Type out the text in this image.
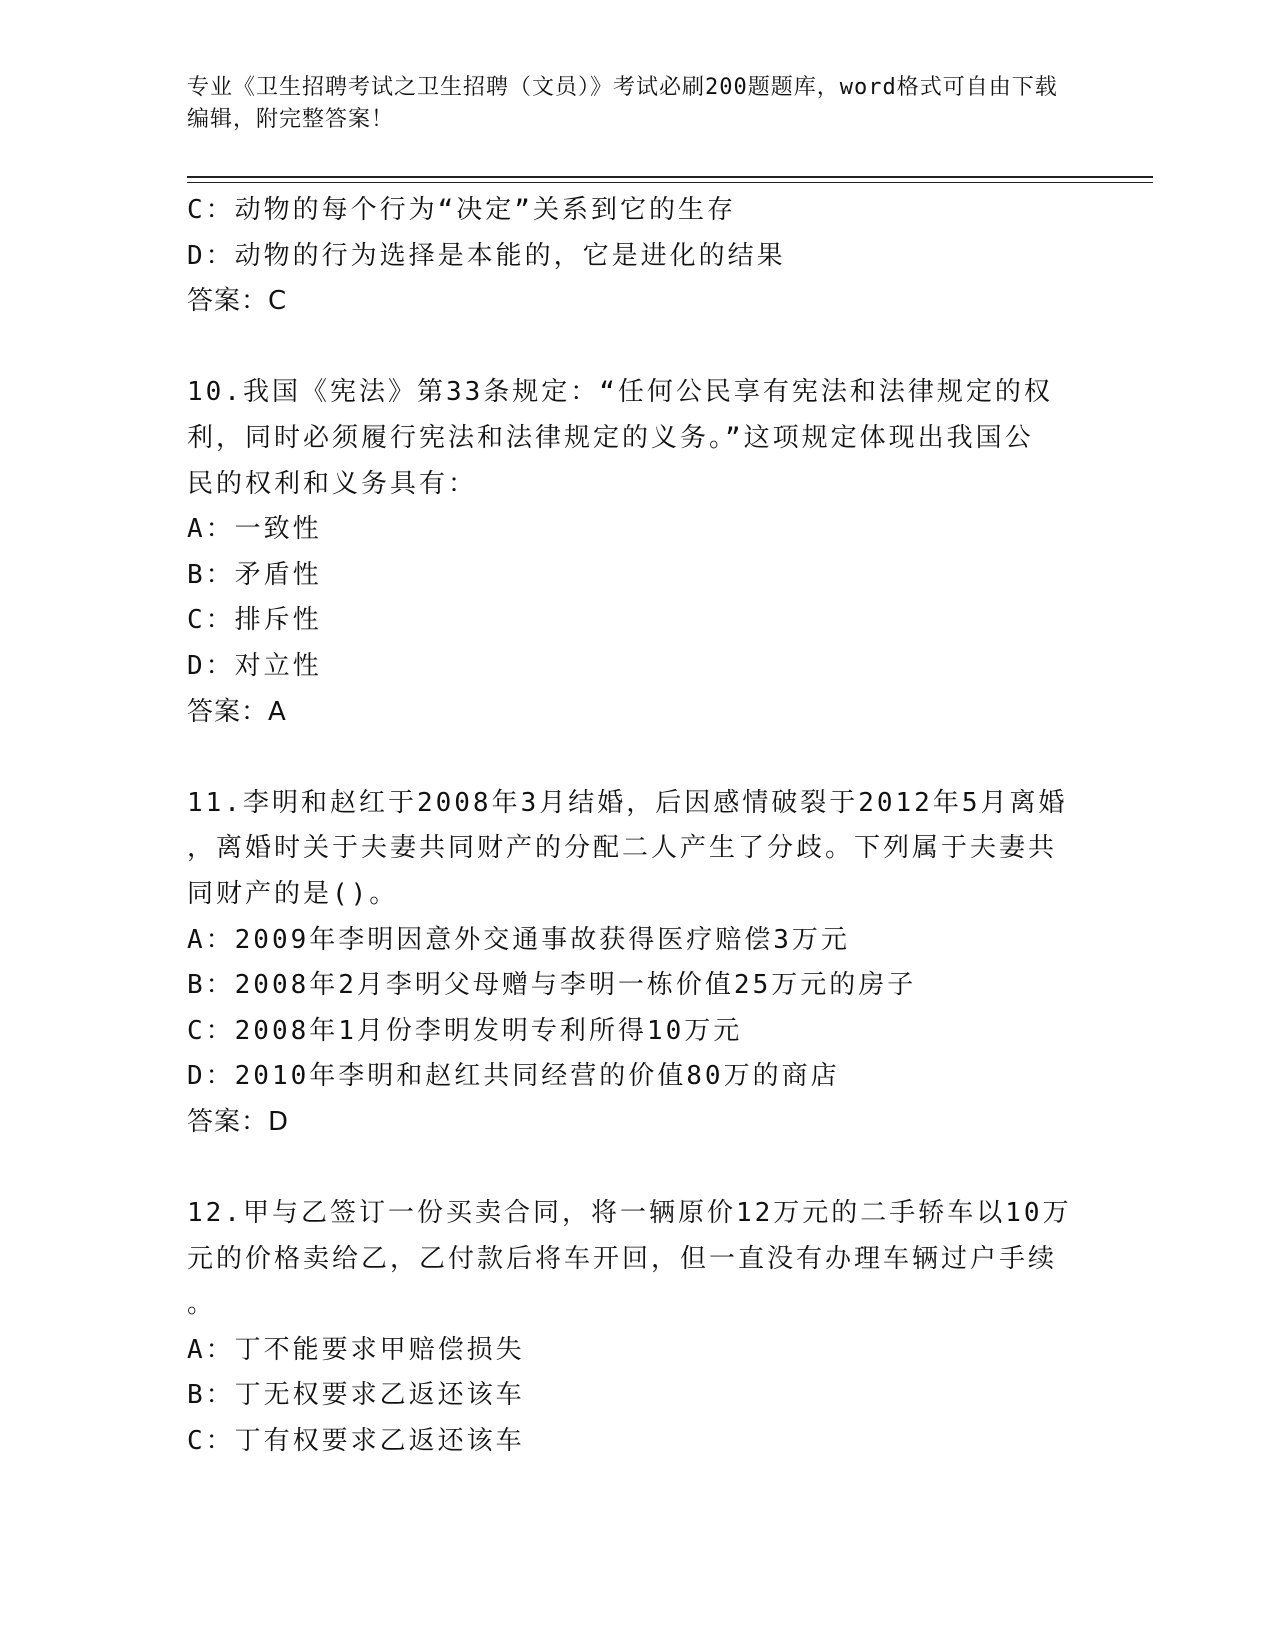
专业《卫生招聘考试之卫生招聘（文员）》考试必刷200题题库，word格式可自由下载编辑，附完整答案！
C：动物的每个行为“决定”关系到它的生存
D：动物的行为选择是本能的，它是进化的结果
答案：C
10.我国《宪法》第33条规定：“任何公民享有宪法和法律规定的权
利，同时必须履行宪法和法律规定的义务。”这项规定体现出我国公
民的权利和义务具有：
A：一致性
B：矛盾性
C：排斥性
D：对立性
答案：A
11.李明和赵红于2008年3月结婚，后因感情破裂于2012年5月离婚
，离婚时关于夫妻共同财产的分配二人产生了分歧。下列属于夫妻共
同财产的是()。
A：2009年李明因意外交通事故获得医疗赔偿3万元
B：2008年2月李明父母赠与李明一栋价值25万元的房子
C：2008年1月份李明发明专利所得10万元
D：2010年李明和赵红共同经营的价值80万的商店
答案：D
12.甲与乙签订一份买卖合同，将一辆原价12万元的二手轿车以10万
元的价格卖给乙，乙付款后将车开回，但一直没有办理车辆过户手续
。
A：丁不能要求甲赔偿损失
B：丁无权要求乙返还该车
C：丁有权要求乙返还该车
